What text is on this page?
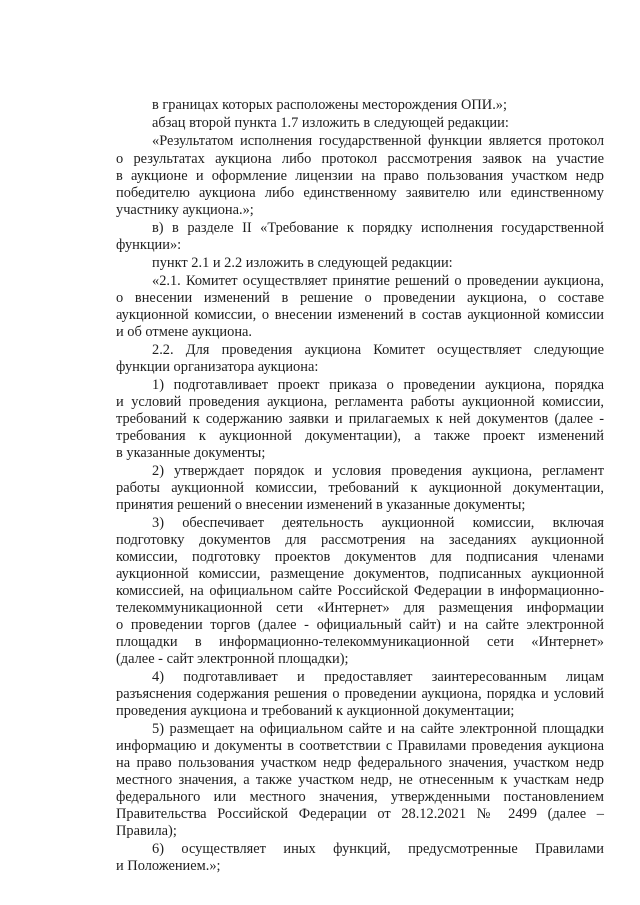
в границах которых расположены месторождения ОПИ.»;

абзац второй пункта 1.7 изложить в следующей редакции:

«Результатом исполнения государственной функции является протокол

о результатах аукциона либо протокол рассмотрения заявок на участие

в аукционе и оформление лицензии на право пользования участком недр

победителю аукциона либо единственному заявителю или единственному

участнику аукциона.»;

в) в разделе II «Требование к порядку исполнения государственной

функции»:

пункт 2.1 и 2.2 изложить в следующей редакции:

«2.1. Комитет осуществляет принятие решений о проведении аукциона,

о внесении изменений в решение о проведении аукциона, о составе

аукционной комиссии, о внесении изменений в состав аукционной комиссии

и об отмене аукциона.

2.2. Для проведения аукциона Комитет осуществляет следующие

функции организатора аукциона:

1) подготавливает проект приказа о проведении аукциона, порядка

и условий проведения аукциона, регламента работы аукционной комиссии,

требований к содержанию заявки и прилагаемых к ней документов (далее -

требования к аукционной документации), а также проект изменений

в указанные документы;

2) утверждает порядок и условия проведения аукциона, регламент

работы аукционной комиссии, требований к аукционной документации,

принятия решений о внесении изменений в указанные документы;

3) обеспечивает деятельность аукционной комиссии, включая

подготовку документов для рассмотрения на заседаниях аукционной

комиссии, подготовку проектов документов для подписания членами

аукционной комиссии, размещение документов, подписанных аукционной

комиссией, на официальном сайте Российской Федерации в информационно-

телекоммуникационной сети «Интернет» для размещения информации

о проведении торгов (далее - официальный сайт) и на сайте электронной

площадки в информационно-телекоммуникационной сети «Интернет»

(далее - сайт электронной площадки);

4) подготавливает и предоставляет заинтересованным лицам

разъяснения содержания решения о проведении аукциона, порядка и условий

проведения аукциона и требований к аукционной документации;

5) размещает на официальном сайте и на сайте электронной площадки

информацию и документы в соответствии с Правилами проведения аукциона

на право пользования участком недр федерального значения, участком недр

местного значения, а также участком недр, не отнесенным к участкам недр

федерального или местного значения, утвержденными постановлением

Правительства Российской Федерации от 28.12.2021 № 2499 (далее –

Правила);

6) осуществляет иных функций, предусмотренные Правилами

и Положением.»;
